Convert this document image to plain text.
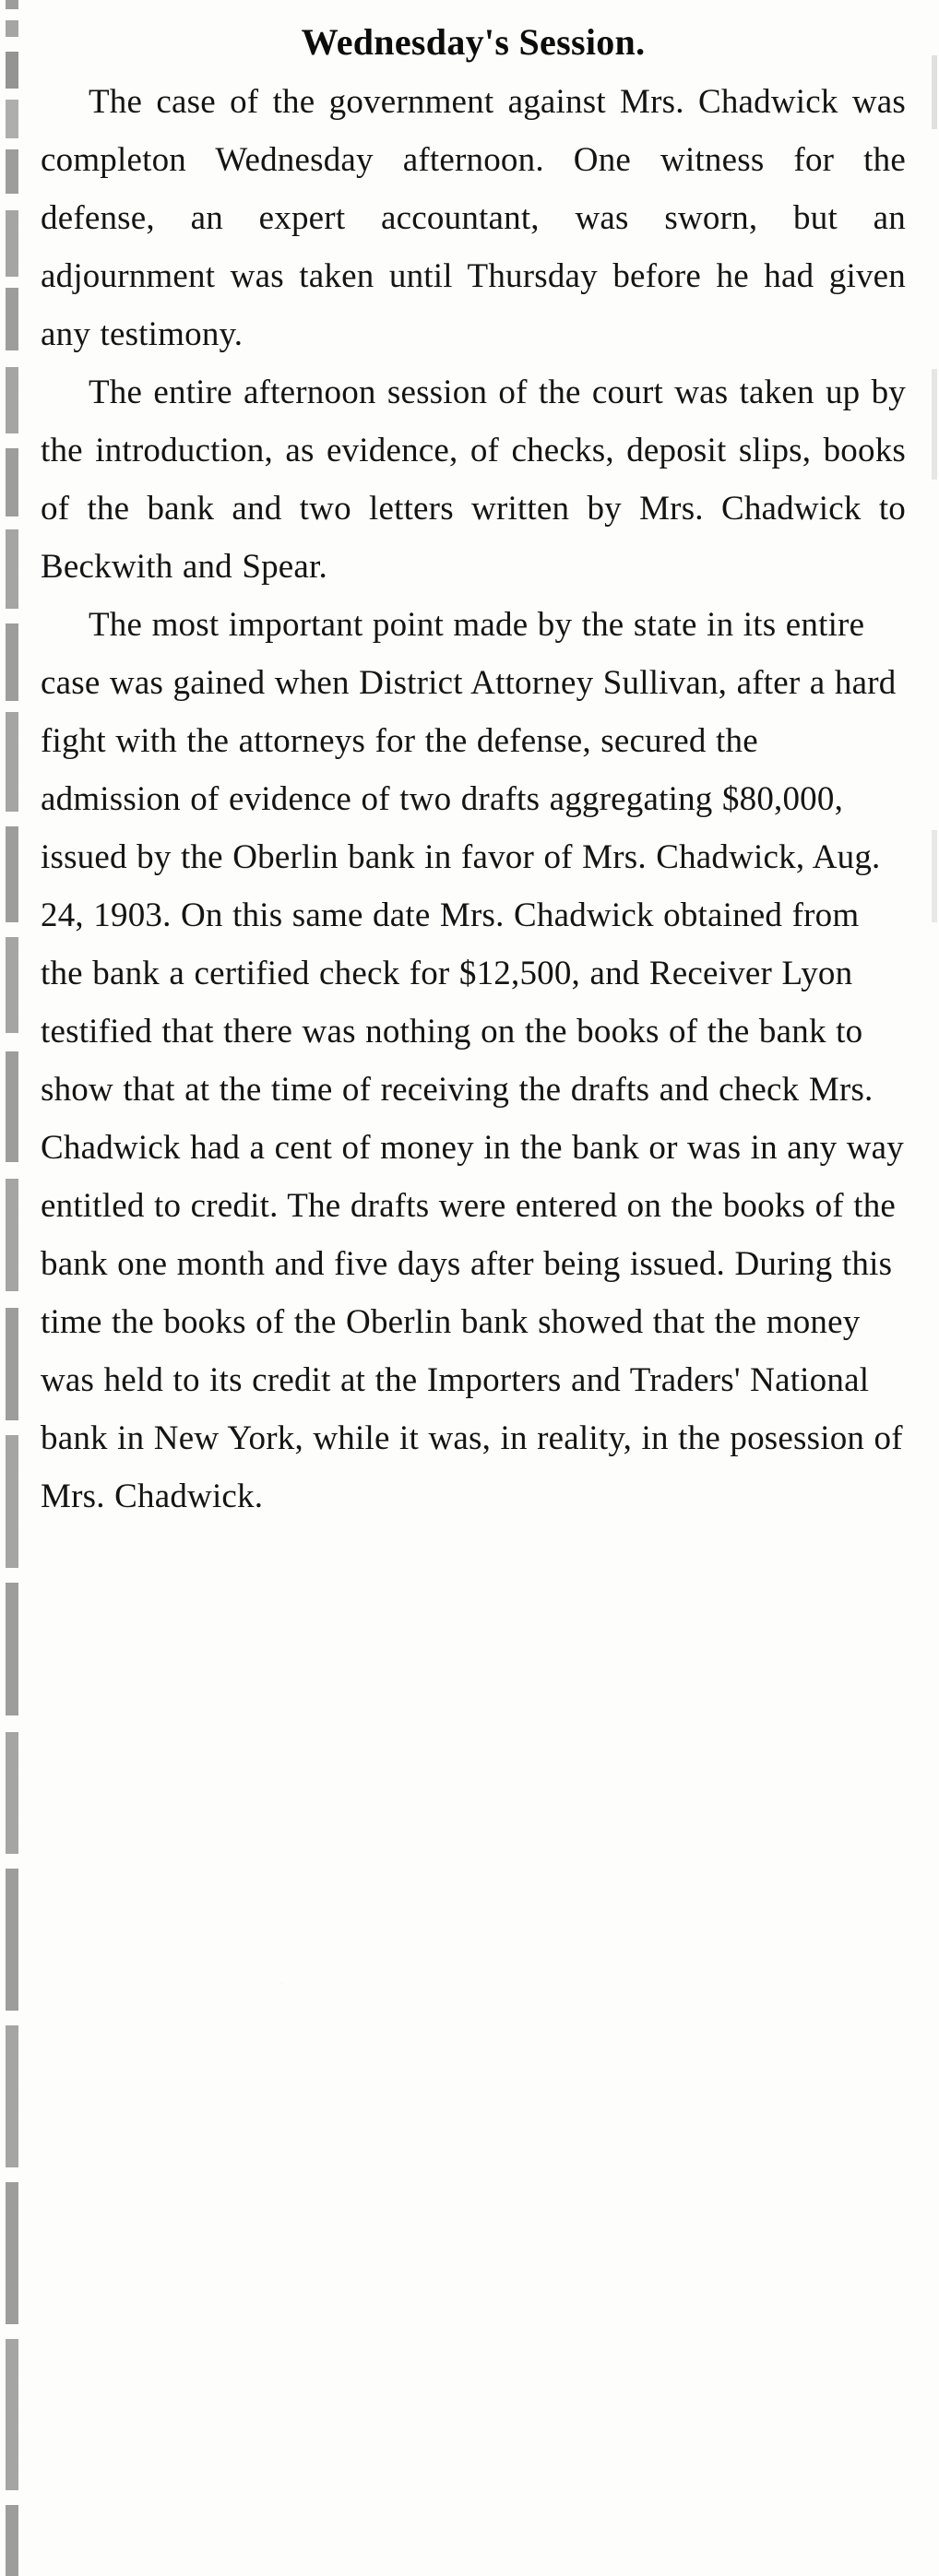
Wednesday's Session.

The case of the government against Mrs. Chadwick was completon Wednesday afternoon. One witness for the defense, an expert accountant, was sworn, but an adjournment was taken until Thursday before he had given any testimony.

The entire afternoon session of the court was taken up by the introduction, as evidence, of checks, deposit slips, books of the bank and two letters written by Mrs. Chadwick to Beckwith and Spear.

The most important point made by the state in its entire case was gained when District Attorney Sullivan, after a hard fight with the attorneys for the defense, secured the admission of evidence of two drafts aggregating $80,000, issued by the Oberlin bank in favor of Mrs. Chadwick, Aug. 24, 1903. On this same date Mrs. Chadwick obtained from the bank a certified check for $12,500, and Receiver Lyon testified that there was nothing on the books of the bank to show that at the time of receiving the drafts and check Mrs. Chadwick had a cent of money in the bank or was in any way entitled to credit. The drafts were entered on the books of the bank one month and five days after being issued. During this time the books of the Oberlin bank showed that the money was held to its credit at the Importers and Traders' National bank in New York, while it was, in reality, in the posession of Mrs. Chadwick.
